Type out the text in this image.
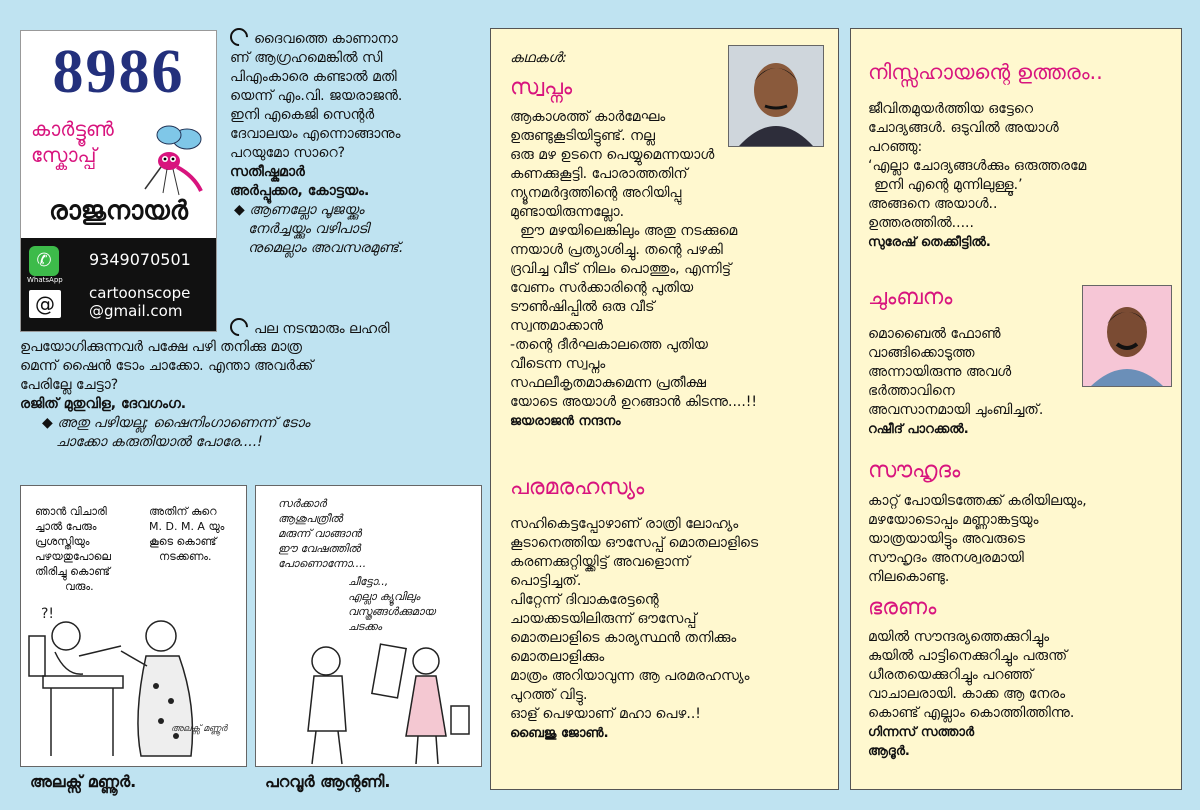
8986
കാർട്ടൂൺ
സ്കോപ്പ്
രാജുനായർ
✆
WhatsApp
9349070501
@	cartoonscope
@gmail.com
ദൈവത്തെ കാണാനാ
ണ് ആഗ്രഹമെങ്കിൽ സി
പിഎംകാരെ കണ്ടാൽ മതി
യെന്ന് എം.വി. ജയരാജൻ.
ഇനി എകെജി സെന്റർ
ദേവാലയം എന്നൊങ്ങാനും
പറയുമോ സാറെ?
സതീഷ്കുമാർ
അർപ്പൂക്കര, കോട്ടയം.
◆ ആണല്ലോ പൂജയ്ക്കും
നേർച്ചയ്ക്കും വഴിപാടി
നുമെല്ലാം അവസരമുണ്ട്.
പല നടന്മാരും ലഹരി
ഉപയോഗിക്കുന്നവർ പക്ഷേ പഴി തനിക്കു മാത്ര
മെന്ന് ഷൈൻ ടോം ചാക്കോ. എന്താ അവർക്ക്
പേരില്ലേ ചേട്ടാ?
രജിത് മുതുവിള, ദേവഗംഗ.
◆ അതു പഴിയല്ല; ഷൈനിംഗാണെന്ന് ടോം
ചാക്കോ കരുതിയാൽ പോരേ....!
ഞാൻ വിചാരി
ച്ചാൽ പേരും
പ്രശസ്തിയും
പഴയതുപോലെ
തിരിച്ചു കൊണ്ട്
വരും.
അതിന് കുറെ
M. D. M. A യും
കൂടെ കൊണ്ട്
നടക്കണം.
?!
അലക്സ് മണ്ണൂർ
അലക്സ് മണ്ണൂർ.
സർക്കാർ
ആശുപത്രീൽ
മരുന്ന് വാങ്ങാൻ
ഈ വേഷത്തിൽ
പോണൊന്നോ....
ചീട്ടോ..,
എല്ലാ ക്യൂവിലും
വസ്ത്രങ്ങൾക്കുമായ
ചടക്കം
പറവൂർ ആന്റണി.
കഥകൾ:
സ്വപ്നം
ആകാശത്ത് കാർമേഘം
ഉരുണ്ടുകൂടിയിട്ടുണ്ട്. നല്ല
ഒരു മഴ ഉടനെ പെയ്യുമെന്നയാൾ
കണക്കുകൂട്ടി. പോരാത്തതിന്
ന്യൂനമർദ്ദത്തിന്റെ അറിയിപ്പു
മുണ്ടായിരുന്നല്ലോ.
ഈ മഴയിലെങ്കിലും അതു നടക്കുമെ
ന്നയാൾ പ്രത്യാശിച്ചു. തന്റെ പഴകി
ദ്രവിച്ച വീട് നിലം പൊത്തും, എന്നിട്ട്
വേണം സർക്കാരിന്റെ പുതിയ
ടൗൺഷിപ്പിൽ ഒരു വീട്
സ്വന്തമാക്കാൻ
-തന്റെ ദീർഘകാലത്തെ പുതിയ
വീടെന്ന സ്വപ്നം
സഫലീകൃതമാകുമെന്ന പ്രതീക്ഷ
യോടെ അയാൾ ഉറങ്ങാൻ കിടന്നു....!!
ജയരാജൻ നന്ദനം
പരമരഹസ്യം
സഹികെട്ടപ്പോഴാണ് രാത്രി ലോഹ്യം
കൂടാനെത്തിയ ഔസേപ്പ് മൊതലാളിടെ
കരണക്കുറ്റിയ്ക്കിട്ട് അവളൊന്ന്
പൊട്ടിച്ചത്.
പിറ്റേന്ന് ദിവാകരേട്ടന്റെ
ചായക്കടയിലിരുന്ന് ഔസേപ്പ്
മൊതലാളിടെ കാര്യസ്ഥൻ തനിക്കും
മൊതലാളിക്കും
മാത്രം അറിയാവുന്ന ആ പരമരഹസ്യം
പുറത്ത് വിട്ടു.
ഓള് പെഴയാണ് മഹാ പെഴ..!
ബൈജു ജോൺ.
നിസ്സഹായന്റെ ഉത്തരം..
ജീവിതമുയർത്തിയ ഒട്ടേറെ
ചോദ്യങ്ങൾ. ഒടുവിൽ അയാൾ
പറഞ്ഞു:
‘എല്ലാ ചോദ്യങ്ങൾക്കും ഒരുത്തരമേ
ഇനി എന്റെ മുന്നിലുള്ളൂ.’
അങ്ങനെ അയാൾ..
ഉത്തരത്തിൽ.....
സുരേഷ് തെക്കീട്ടിൽ.
ചുംബനം
മൊബൈൽ ഫോൺ
വാങ്ങിക്കൊടുത്ത
അന്നായിരുന്നു അവൾ
ഭർത്താവിനെ
അവസാനമായി ചുംബിച്ചത്.
റഷീദ് പാറക്കൽ.
സൗഹൃദം
കാറ്റ് പോയിടത്തേക്ക് കരിയിലയും,
മഴയോടൊപ്പം മണ്ണാങ്കട്ടയും
യാത്രയായിട്ടും അവരുടെ
സൗഹൃദം അനശ്വരമായി
നിലകൊണ്ടു.
ഭരണം
മയിൽ സൗന്ദര്യത്തെക്കുറിച്ചും
കുയിൽ പാട്ടിനെക്കുറിച്ചും പരുന്ത്
ധീരതയെക്കുറിച്ചും പറഞ്ഞ്
വാചാലരായി. കാക്ക ആ നേരം
കൊണ്ട് എല്ലാം കൊത്തിത്തിന്നു.
ഗിന്നസ് സത്താർ
ആദൂർ.
